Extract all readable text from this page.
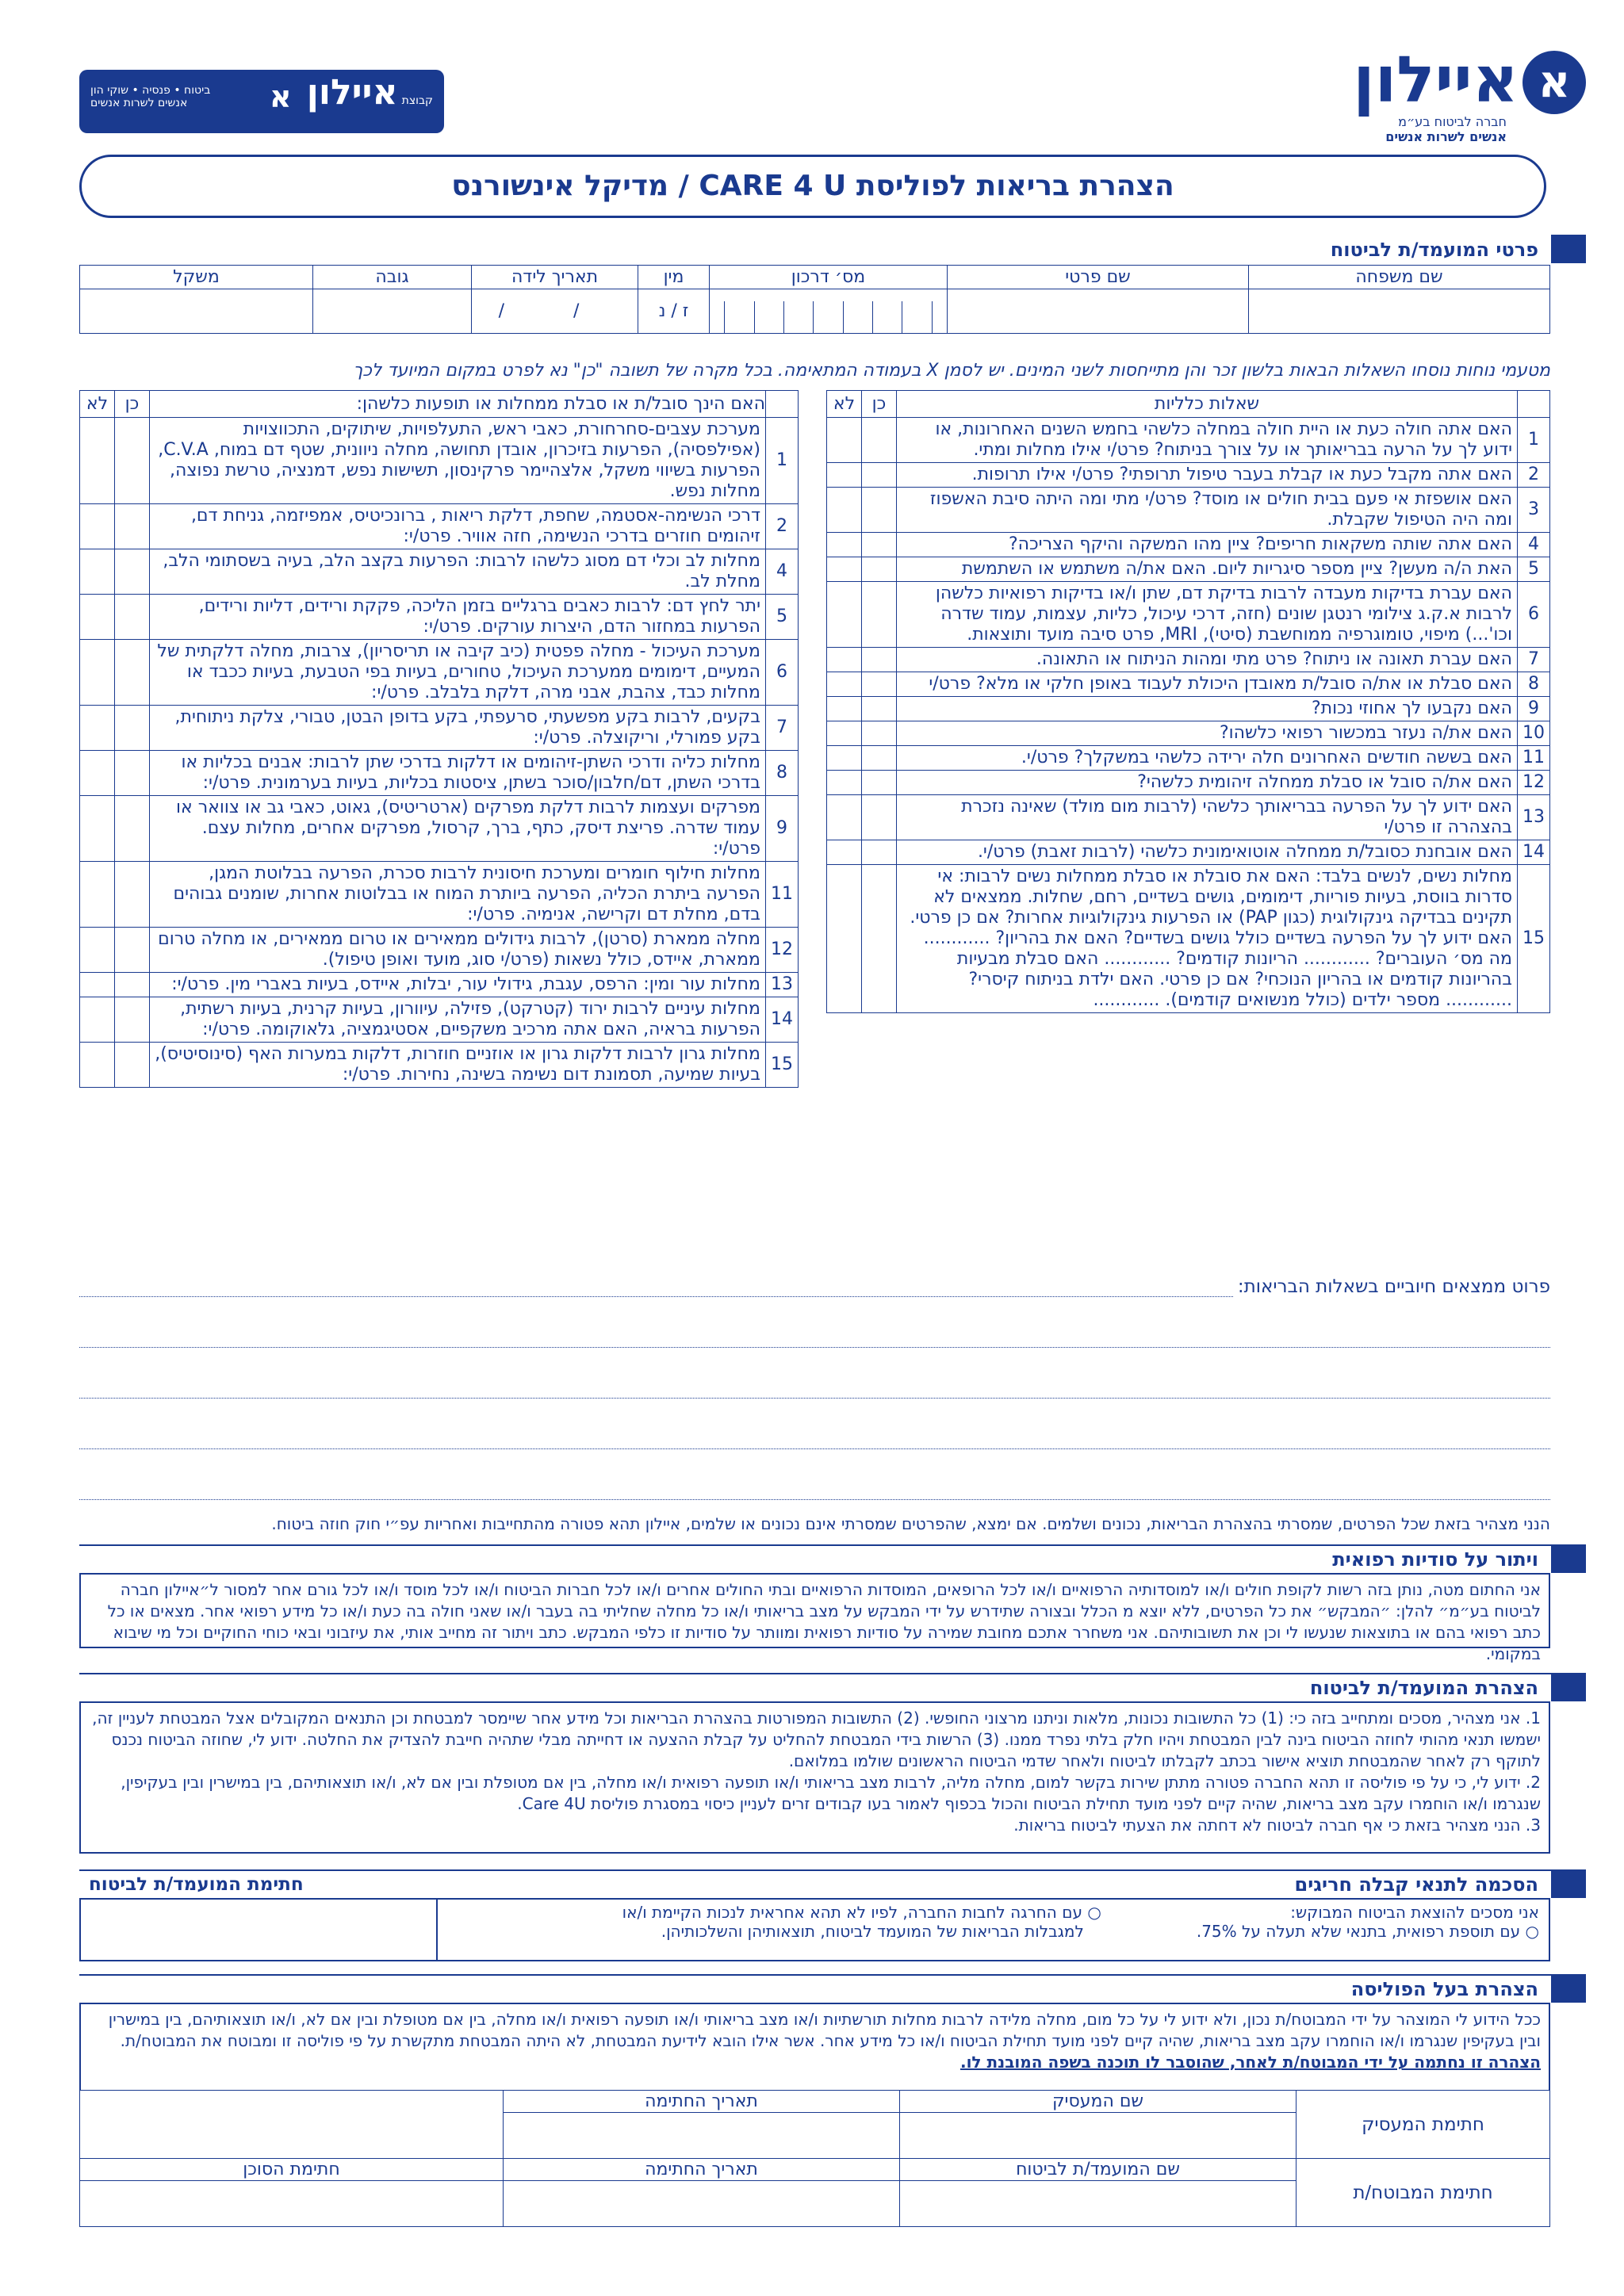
קבוצת איילון א
ביטוח • פנסיה • שוקי הון
אנשים לשרות אנשים	א איילון
חברה לביטוח בע״מ
אנשים לשרות אנשים
הצהרת בריאות לפוליסת CARE 4 U / מדיקל אינשורנס
פרטי המועמד/ת לביטוח
שם משפחה	שם פרטי	מס׳ דרכון	מין	תאריך לידה	גובה	משקל

	ז / נ	/ /		
מטעמי נוחות נוסחו השאלות הבאות בלשון זכר והן מתייחסות לשני המינים. יש לסמן X בעמודה המתאימה. בכל מקרה של תשובה "כן" נא לפרט במקום המיועד לכך
	שאלות כלליות	כן	לא
1	האם אתה חולה כעת או היית חולה במחלה כלשהי בחמש השנים האחרונות, או ידוע לך על הרעה בבריאותך או על צורך בניתוח? פרט/י אילו מחלות ומתי.		
2	האם אתה מקבל כעת או קבלת בעבר טיפול תרופתי? פרט/י אילו תרופות.		
3	האם אושפזת אי פעם בבית חולים או מוסד? פרט/י מתי ומה היתה סיבת האשפוז ומה היה הטיפול שקבלת.		
4	האם אתה שותה משקאות חריפים? ציין מהו המשקה והיקף הצריכה?		
5	האת ה/ה מעשן? ציין מספר סיגריות ליום. האם את/ה משתמש או השתמשת		
6	האם עברת בדיקות מעבדה לרבות בדיקת דם, שתן ו/או בדיקות רפואיות כלשהן לרבות א.ק.ג צילומי רנטגן שונים (חזה, דרכי עיכול, כליות, עצמות, עמוד שדרה וכו'...) מיפוי, טומוגרפיה ממוחשבת (סיטי), MRI, פרט סיבה מועד ותוצאות.		
7	האם עברת תאונה או ניתוח? פרט מתי ומהות הניתוח או התאונה.		
8	האם סבלת או את/ה סובל/ת מאובדן היכולת לעבוד באופן חלקי או מלא? פרט/י		
9	האם נקבעו לך אחוזי נכות?		
10	האם את/ה נעזר במכשור רפואי כלשהו?		
11	האם בששה חודשים האחרונים חלה ירידה כלשהי במשקלך? פרט/י.		
12	האם את/ה סובל או סבלת ממחלה זיהומית כלשהי?		
13	האם ידוע לך על הפרעה בבריאותך כלשהי (לרבות מום מולד) שאינה נזכרת בהצהרה זו פרט/י		
14	האם אובחנת כסובל/ת ממחלה אוטואימונית כלשהי (לרבות זאבת) פרט/י.		
15	מחלות נשים, לנשים בלבד: האם את סובלת או סבלת ממחלות נשים לרבות: אי סדרות בווסת, בעיות פוריות, דימומים, גושים בשדיים, רחם, שחלות. ממצאים לא תקינים בבדיקה גינקולוגית (כגון PAP) או הפרעות גינקולוגיות אחרות? אם כן פרטי. האם ידוע לך על הפרעה בשדיים כולל גושים בשדיים? האם את בהריון? ............ מה מס׳ העוברים? ............ הריונות קודמים? ............ האם סבלת מבעיות בהריונות קודמים או בהריון הנוכחי? אם כן פרטי. האם ילדת בניתוח קיסרי? ............ מספר ילדים (כולל מנשואים קודמים). ............		
	האם הינך סובל/ת או סבלת ממחלות או תופעות כלשהן:	כן	לא
1	מערכת עצבים-סחרחורת, כאבי ראש, התעלפויות, שיתוקים, התכווצויות (אפילפסיה), הפרעות בזיכרון, אובדן תחושה, מחלה ניוונית, שטף דם במוח, C.V.A, הפרעות בשיווי משקל, אלצהיימר פרקינסון, תשישות נפש, דמנציה, טרשת נפוצה, מחלות נפש.		
2	דרכי הנשימה-אסטמה, שחפת, דלקת ריאות , ברונכיטיס, אמפיזמה, גניחת דם, זיהומים חוזרים בדרכי הנשימה, חזה אוויר. פרט/י:		
4	מחלות לב וכלי דם מסוג כלשהו לרבות: הפרעות בקצב הלב, בעיה בשסתומי הלב, מחלת לב.		
5	יתר לחץ דם: לרבות כאבים ברגליים בזמן הליכה, פקקת ורידים, דליות ורידים, הפרעות במחזור הדם, היצרות עורקים. פרט/י:		
6	מערכת העיכול - מחלה פפטית (כיב קיבה או תריסריון), צרבות, מחלה דלקתית של המעיים, דימומים ממערכת העיכול, טחורים, בעיות בפי הטבעת, בעיות ככבד או מחלות כבד, צהבת, אבני מרה, דלקת בלבלב. פרט/י:		
7	בקעים, לרבות בקע מפשעתי, סרעפתי, בקע בדופן הבטן, טבורי, צלקת ניתוחית, בקע פמורלי, וריקוצלה. פרט/י:		
8	מחלות כליה ודרכי השתן-זיהומים או דלקות בדרכי שתן לרבות: אבנים בכליות או בדרכי השתן, דם/חלבון/סוכר בשתן, ציסטות בכליות, בעיות בערמונית. פרט/י:		
9	מפרקים ועצמות לרבות דלקת מפרקים (ארטריטיס), גאוט, כאבי גב או צוואר או עמוד שדרה. פריצת דיסק, כתף, ברך, קרסול, מפרקים אחרים, מחלות עצם. פרט/י:		
11	מחלות חילוף חומרים ומערכת חיסונית לרבות סכרת, הפרעה בבלוטת המגן, הפרעה ביתרת הכליה, הפרעה ביותרת המוח או בבלוטות אחרות, שומנים גבוהים בדם, מחלת דם וקרישה, אנימיה. פרט/י:		
12	מחלה ממארת (סרטן), לרבות גידולים ממאירים או טרום ממאירים, או מחלה טרום ממארת, איידס, כולל נשאות (פרט/י סוג, מועד ואופן טיפול).		
13	מחלות עור ומין: הרפס, עגבת, גידולי עור, יבלות, איידס, בעיות באברי מין. פרט/י:		
14	מחלות עיניים לרבות ירוד (קטרקט), פזילה, עיוורון, בעיות קרנית, בעיות רשתית, הפרעות בראיה, האם אתה מרכיב משקפיים, אסטיגמציה, גלאוקומה. פרט/י:		
15	מחלות גרון לרבות דלקות גרון או אוזניים חוזרות, דלקות במערות האף (סינוסיטיס), בעיות שמיעה, תסמונת דום נשימה בשינה, נחירות. פרט/י:		
פרוט ממצאים חיוביים בשאלות הבריאות:
הנני מצהיר בזאת שכל הפרטים, שמסרתי בהצהרת הבריאות, נכונים ושלמים. אם ימצא, שהפרטים שמסרתי אינם נכונים או שלמים, איילון תהא פטורה מהתחייבות ואחריות עפ״י חוק חוזה ביטוח.
ויתור על סודיות רפואית
אני החתום מטה, נותן בזה רשות לקופת חולים ו/או למוסדותיה הרפואיים ו/או לכל הרופאים, המוסדות הרפואיים ובתי החולים אחרים ו/או לכל חברות הביטוח ו/או לכל מוסד ו/או לכל גורם אחר למסור ל״איילון חברה לביטוח בע״מ״ להלן: ״המבקש״ את כל הפרטים, ללא יוצא מ הכלל ובצורה שתידרש על ידי המבקש על מצב בריאותי ו/או כל מחלה שחליתי בה בעבר ו/או שאני חולה בה כעת ו/או כל מידע רפואי אחר. מצאים או כל כתב רפואי בהם או בתוצאות שנעשו לי וכן את תשובותיהם. אני משחרר אתכם מחובת שמירה על סודיות רפואית ומוותר על סודיות זו כלפי המבקש. כתב ויתור זה מחייב אותי, את עיזבוני ובאי כוחי החוקיים וכל מי שיבוא במקומי.
הצהרת המועמד/ת לביטוח
1. אני מצהיר, מסכים ומתחייב בזה כי: (1) כל התשובות נכונות, מלאות וניתנו מרצוני החופשי. (2) התשובות המפורטות בהצהרת הבריאות וכל מידע אחר שיימסר למבטחת וכן התנאים המקובלים אצל המבטחת לעניין זה, ישמשו תנאי מהותי לחוזה הביטוח בינה לבין המבטחת ויהיו חלק בלתי נפרד ממנו. (3) הרשות בידי המבטחת להחליט על קבלת ההצעה או דחייתה מבלי שתהיה חייבת להצדיק את החלטה. ידוע לי, שחוזה הביטוח נכנס לתוקף רק לאחר שהמבטחת תוציא אישור בכתב לקבלתו לביטוח ולאחר שדמי הביטוח הראשונים שולמו במלואם.
2. ידוע לי, כי על פי פוליסה זו תהא החברה פטורה מתתן שירות בקשר למום, מחלה מליה, לרבות מצב בריאותי ו/או תופעה רפואית ו/או מחלה, בין אם מטופלת ובין אם לא, ו/או תוצאותיהם, בין במישרין ובין בעקיפין, שנגרמו ו/או הוחמרו עקב מצב בריאות, שהיה קיים לפני מועד תחילת הביטוח והכול בכפוף לאמור בעו קבודים זרים לעניין כיסוי במסגרת פוליסת Care 4U.
3. הנני מצהיר בזאת כי אף חברה לביטוח לא דחתה את הצעתי לביטוח בריאות.
הסכמה לתנאי קבלה חריגים
חתימת המועמד/ת לביטוח
אני מסכים להוצאת הביטוח המבוקש:
○ עם תוספת רפואית, בתנאי שלא תעלה על 75%.
○ עם החרגה לחבות החברה, לפיו לא תהא אחראית לנכות הקיימת ו/או
למגבלות הבריאות של המועמד לביטוח, תוצאותיהן והשלכותיהן.
הצהרת בעל הפוליסה
ככל הידוע לי המוצהר על ידי המבוטח/ת נכון, ולא ידוע לי על כל מום, מחלה מלידה לרבות מחלות תורשתיות ו/או מצב בריאותי ו/או תופעה רפואית ו/או מחלה, בין אם מטופלת ובין אם לא, ו/או תוצאותיהם, בין במישרין ובין בעקיפין שנגרמו ו/או הוחמרו עקב מצב בריאות, שהיה קיים לפני מועד תחילת הביטוח ו/או כל מידע אחר. אשר אילו הובא לידיעת המבטחת, לא היתה המבטחת מתקשרת על פי פוליסה זו ומבוטח את המבוטח/ת.
הצהרה זו נחתמה על ידי המבוטח/ת לאחר, שהוסבר לו תוכנה בשפה המובנת לו.
חתימת המעסיק	שם המעסיק	תאריך החתימה	

חתימת המבוטח/ת	שם המועמד/ת לביטוח	תאריך החתימה	חתימת הסוכן
